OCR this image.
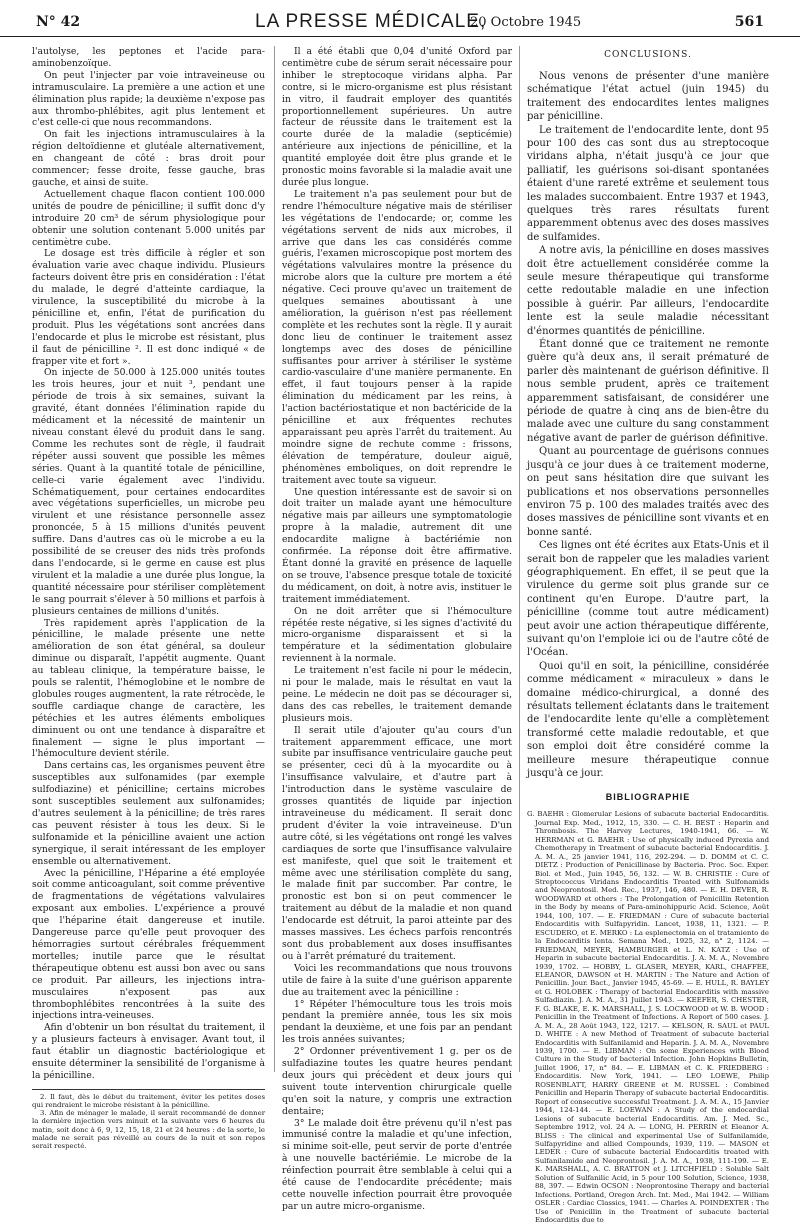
N° 42	LA PRESSE MÉDICALE,
20 Octobre 1945	561

l'autolyse, les peptones et l'acide para-aminobenzoïque.

On peut l'injecter par voie intraveineuse ou intramusculaire. La première a une action et une élimination plus rapide; la deuxième n'expose pas aux thrombo-phlébites, agit plus lentement et c'est celle-ci que nous recommandons.

On fait les injections intramusculaires à la région deltoïdienne et glutéale alternativement, en changeant de côté : bras droit pour commencer; fesse droite, fesse gauche, bras gauche, et ainsi de suite.

Actuellement chaque flacon contient 100.000 unités de poudre de pénicilline; il suffit donc d'y introduire 20 cm³ de sérum physiologique pour obtenir une solution contenant 5.000 unités par centimètre cube.

Le dosage est très difficile à régler et son évaluation varie avec chaque individu. Plusieurs facteurs doivent être pris en considération : l'état du malade, le degré d'atteinte cardiaque, la virulence, la susceptibilité du microbe à la pénicilline et, enfin, l'état de purification du produit. Plus les végétations sont ancrées dans l'endocarde et plus le microbe est résistant, plus il faut de pénicilline ². Il est donc indiqué « de frapper vite et fort ».

On injecte de 50.000 à 125.000 unités toutes les trois heures, jour et nuit ³, pendant une période de trois à six semaines, suivant la gravité, étant données l'élimination rapide du médicament et la nécessité de maintenir un niveau constant élevé du produit dans le sang. Comme les rechutes sont de règle, il faudrait répéter aussi souvent que possible les mêmes séries. Quant à la quantité totale de pénicilline, celle-ci varie également avec l'individu. Schématiquement, pour certaines endocardites avec végétations superficielles, un microbe peu virulent et une résistance personnelle assez prononcée, 5 à 15 millions d'unités peuvent suffire. Dans d'autres cas où le microbe a eu la possibilité de se creuser des nids très profonds dans l'endocarde, si le germe en cause est plus virulent et la maladie a une durée plus longue, la quantité nécessaire pour stériliser complètement le sang pourrait s'élever à 50 millions et parfois à plusieurs centaines de millions d'unités.

Très rapidement après l'application de la pénicilline, le malade présente une nette amélioration de son état général, sa douleur diminue ou disparaît, l'appétit augmente. Quant au tableau clinique, la température baisse, le pouls se ralentit, l'hémoglobine et le nombre de globules rouges augmentent, la rate rétrocède, le souffle cardiaque change de caractère, les pétéchies et les autres éléments emboliques diminuent ou ont une tendance à disparaître et finalement — signe le plus important — l'hémoculture devient stérile.

Dans certains cas, les organismes peuvent être susceptibles aux sulfonamides (par exemple sulfodiazine) et pénicilline; certains microbes sont susceptibles seulement aux sulfonamides; d'autres seulement à la pénicilline; de très rares cas peuvent résister à tous les deux. Si le sulfonamide et la pénicilline avaient une action synergique, il serait intéressant de les employer ensemble ou alternativement.

Avec la pénicilline, l'Héparine a été employée soit comme anticoagulant, soit comme préventive de fragmentations de végétations valvulaires exposant aux embolies. L'expérience a prouvé que l'héparine était dangereuse et inutile. Dangereuse parce qu'elle peut provoquer des hémorragies surtout cérébrales fréquemment mortelles; inutile parce que le résultat thérapeutique obtenu est aussi bon avec ou sans ce produit. Par ailleurs, les injections intra-musculaires n'exposent pas aux thrombophlébites rencontrées à la suite des injections intra-veineuses.

Afin d'obtenir un bon résultat du traitement, il y a plusieurs facteurs à envisager. Avant tout, il faut établir un diagnostic bactériologique et ensuite déterminer la sensibilité de l'organisme à la pénicilline.

2. Il faut, dès le début du traitement, éviter les petites doses qui rendraient le microbe résistant à la pénicilline.

3. Afin de ménager le malade, il serait recommandé de donner la dernière injection vers minuit et la suivante vers 6 heures du matin, soit donc à 6, 9, 12, 15, 18, 21 et 24 heures : de la sorte, le malade ne serait pas réveillé au cours de la nuit et son repos serait respecté.

Il a été établi que 0,04 d'unité Oxford par centimètre cube de sérum serait nécessaire pour inhiber le streptocoque viridans alpha. Par contre, si le micro-organisme est plus résistant in vitro, il faudrait employer des quantités proportionnellement supérieures. Un autre facteur de réussite dans le traitement est la courte durée de la maladie (septicémie) antérieure aux injections de pénicilline, et la quantité employée doit être plus grande et le pronostic moins favorable si la maladie avait une durée plus longue.

Le traitement n'a pas seulement pour but de rendre l'hémoculture négative mais de stériliser les végétations de l'endocarde; or, comme les végétations servent de nids aux microbes, il arrive que dans les cas considérés comme guéris, l'examen microscopique post mortem des végétations valvulaires montre la présence du microbe alors que la culture pre mortem a été négative. Ceci prouve qu'avec un traitement de quelques semaines aboutissant à une amélioration, la guérison n'est pas réellement complète et les rechutes sont la règle. Il y aurait donc lieu de continuer le traitement assez longtemps avec des doses de pénicilline suffisantes pour arriver à stériliser le système cardio-vasculaire d'une manière permanente. En effet, il faut toujours penser à la rapide élimination du médicament par les reins, à l'action bactériostatique et non bactéricide de la pénicilline et aux fréquentes rechutes apparaissant peu après l'arrêt du traitement. Au moindre signe de rechute comme : frissons, élévation de température, douleur aiguë, phénomènes emboliques, on doit reprendre le traitement avec toute sa vigueur.

Une question intéressante est de savoir si on doit traiter un malade ayant une hémoculture négative mais par ailleurs une symptomatologie propre à la maladie, autrement dit une endocardite maligne à bactériémie non confirmée. La réponse doit être affirmative. Étant donné la gravité en présence de laquelle on se trouve, l'absence presque totale de toxicité du médicament, on doit, à notre avis, instituer le traitement immédiatement.

On ne doit arrêter que si l'hémoculture répétée reste négative, si les signes d'activité du micro-organisme disparaissent et si la température et la sédimentation globulaire reviennent à la normale.

Le traitement n'est facile ni pour le médecin, ni pour le malade, mais le résultat en vaut la peine. Le médecin ne doit pas se décourager si, dans des cas rebelles, le traitement demande plusieurs mois.

Il serait utile d'ajouter qu'au cours d'un traitement apparemment efficace, une mort subite par insuffisance ventriculaire gauche peut se présenter, ceci dû à la myocardite ou à l'insuffisance valvulaire, et d'autre part à l'introduction dans le système vasculaire de grosses quantités de liquide par injection intraveineuse du médicament. Il serait donc prudent d'éviter la voie intraveineuse. D'un autre côté, si les végétations ont rongé les valves cardiaques de sorte que l'insuffisance valvulaire est manifeste, quel que soit le traitement et même avec une stérilisation complète du sang, le malade finit par succomber. Par contre, le pronostic est bon si on peut commencer le traitement au début de la maladie et non quand l'endocarde est détruit, la paroi atteinte par des masses massives. Les échecs parfois rencontrés sont dus probablement aux doses insuffisantes ou à l'arrêt prématuré du traitement.

Voici les recommandations que nous trouvons utile de faire à la suite d'une guérison apparente due au traitement avec la pénicilline :

1° Répéter l'hémoculture tous les trois mois pendant la première année, tous les six mois pendant la deuxième, et une fois par an pendant les trois années suivantes;

2° Ordonner préventivement 1 g. per os de sulfadiazine toutes les quatre heures pendant deux jours qui précèdent et deux jours qui suivent toute intervention chirurgicale quelle qu'en soit la nature, y compris une extraction dentaire;

3° Le malade doit être prévenu qu'il n'est pas immunisé contre la maladie et qu'une infection, si minime soit-elle, peut servir de porte d'entrée à une nouvelle bactériémie. Le microbe de la réinfection pourrait être semblable à celui qui a été cause de l'endocardite précédente; mais cette nouvelle infection pourrait être provoquée par un autre micro-organisme.

CONCLUSIONS.

Nous venons de présenter d'une manière schématique l'état actuel (juin 1945) du traitement des endocardites lentes malignes par pénicilline.

Le traitement de l'endocardite lente, dont 95 pour 100 des cas sont dus au streptocoque viridans alpha, n'était jusqu'à ce jour que palliatif, les guérisons soi-disant spontanées étaient d'une rareté extrême et seulement tous les malades succombaient. Entre 1937 et 1943, quelques très rares résultats furent apparemment obtenus avec des doses massives de sulfamides.

A notre avis, la pénicilline en doses massives doit être actuellement considérée comme la seule mesure thérapeutique qui transforme cette redoutable maladie en une infection possible à guérir. Par ailleurs, l'endocardite lente est la seule maladie nécessitant d'énormes quantités de pénicilline.

Étant donné que ce traitement ne remonte guère qu'à deux ans, il serait prématuré de parler dès maintenant de guérison définitive. Il nous semble prudent, après ce traitement apparemment satisfaisant, de considérer une période de quatre à cinq ans de bien-être du malade avec une culture du sang constamment négative avant de parler de guérison définitive.

Quant au pourcentage de guérisons connues jusqu'à ce jour dues à ce traitement moderne, on peut sans hésitation dire que suivant les publications et nos observations personnelles environ 75 p. 100 des malades traités avec des doses massives de pénicilline sont vivants et en bonne santé.

Ces lignes ont été écrites aux Etats-Unis et il serait bon de rappeler que les maladies varient géographiquement. En effet, il se peut que la virulence du germe soit plus grande sur ce continent qu'en Europe. D'autre part, la pénicilline (comme tout autre médicament) peut avoir une action thérapeutique différente, suivant qu'on l'emploie ici ou de l'autre côté de l'Océan.

Quoi qu'il en soit, la pénicilline, considérée comme médicament « miraculeux » dans le domaine médico-chirurgical, a donné des résultats tellement éclatants dans le traitement de l'endocardite lente qu'elle a complètement transformé cette maladie redoutable, et que son emploi doit être considéré comme la meilleure mesure thérapeutique connue jusqu'à ce jour.

BIBLIOGRAPHIE

G. BAEHR : Glomerular Lesions of subacute bacterial Endocarditis. Journal Exp. Med., 1912, 15, 330. — C. H. BEST : Heparin and Thrombosis. The Harvey Lectures, 1940-1941, 66. — W. HERRMAN et G. BAEHR : Use of physically induced Pyrexia and Chemotherapy in Treatment of subacute bacterial Endocarditis. J. A. M. A., 25 janvier 1941, 116, 292-294. — D. DOMM et C. C. DIETZ : Production of Penicillinase by Bacteria. Proc. Soc. Exper. Biol. et Med., Juin 1945, 56, 132. — W. B. CHRISTIE : Cure of Streptococcus Viridans Endocarditis Treated with Sulfonamids and Neoprontosil. Med. Rec., 1937, 146, 480. — E. H. DEVER, R. WOODWARD et others : The Prolongation of Penicillin Retention in the Body by means of Para-aminohippuric Acid. Science, Août 1944, 100, 107. — E. FRIEDMAN : Cure of subacute bacterial Endocarditis with Sulfapyridin. Lancet, 1938, 11, 1321. — P. ESCUDERO, et E. MERKO : La esplenectomia en el tratamiento de la Endocarditis lenta. Semana Med., 1925, 32, n° 2, 1124. — FRIEDMAN, MEYER, HAMBURGER et L. N. KATZ : Use of Heparin in subacute bacterial Endocarditis. J. A. M. A., Novembre 1939, 1702. — HOBBY, L. GLASER, MEYER, KARL, CHAFFEE, ELEANOR, DAWSON et H. MARTIN : The Nature and Action of Penicillin. Jour. Bact., Janvier 1945, 45-69. — E. HULL, R. BAYLEY et G. HOLOBEK : Therapy of bacterial Endocarditis with massive Sulfadiazin. J. A. M. A., 31 Juillet 1943. — KEEFER, S. CHESTER, F. G. BLAKE, E. K. MARSHALL, J. S. LOCKWOOD et W. B. WOOD : Penicillin in the Treatment of Infections. A Report of 500 cases. J. A. M. A., 28 Août 1943, 122, 1217. — KELSON, R. SAUL et PAUL D. WHITE : A new Method of Treatment of subacute bacterial Endocarditis with Sulfanilamid and Heparin. J. A. M. A., Novembre 1939, 1700. — E. LIBMAN : On some Experiences with Blood Culture in the Study of bacterial Infection. John Hopkins Bulletin, Juillet 1906, 17, n° 84. — E. LIBMAN et C. K. FRIEDBERG : Endocarditis. New York, 1941. — LEO LOEWE, Philip ROSENBLATT, HARRY GREENE et M. RUSSEL : Combined Penicillin and Heparin Therapy of subacute bacterial Endocarditis. Report of consecutive successful Treatment. J. A. M. A., 15 Janvier 1944, 124-144. — E. LOEWAN : A Study of the endocardial Lesions of subacute bacterial Endocarditis. Am. J. Med. Sc., Septembre 1912, vol. 24 A. — LONG, H. PERRIN et Eleanor A. BLISS : The clinical and experimental Use of Sulfanilamide, Sulfapyridine and allied Compounds, 1939, 119. — MASON et LEDER : Cure of subacute bacterial Endocarditis treated with Sulfanilamide and Neoprontosil. J. A. M. A., 1938, 111-199. — E. K. MARSHALL, A. C. BRATTON et J. LITCHFIELD : Soluble Salt Solution of Sulfanilic Acid, in 5 pour 100 Solution, Science, 1938, 88, 397. — Edwin OCSON : Neoprontosine Therapy and bacterial Infections. Portland, Oregon Arch. Int. Med., Mai 1942. — William OSLER : Cardiac Classics, 1941. — Charles A. POINDEXTER : The Use of Penicillin in the Treatment of subacute bacterial Endocarditis due to
